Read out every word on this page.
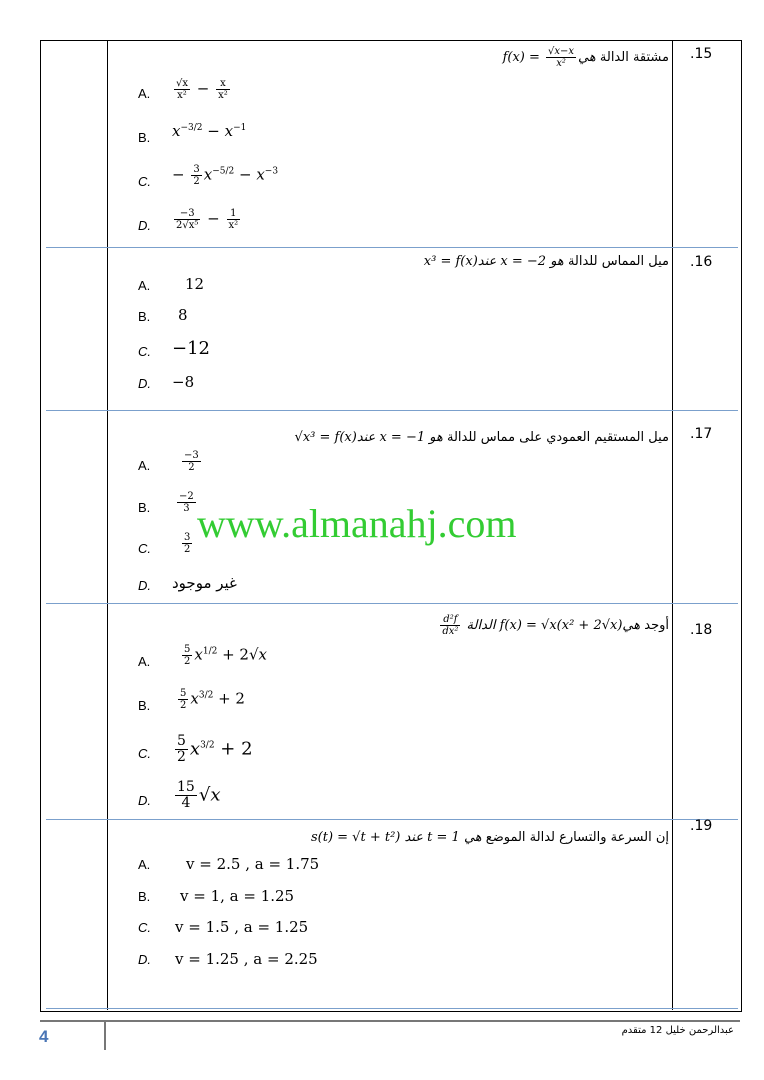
.15
مشتقة الدالة $f(x) = \frac{√x-x}{\text{x²}}$ هي
A. $\frac{√x}{\text{x²}} - \frac{x}{\text{x²}}$
B. $x^{-3/2} - x^{-1}$
C. − $\frac{3}{2} x^{-5/2} - x^{-3}$
D. $\frac{-3}{\text{2√x⁵}} - \frac{1}{\text{x²}}$
.16
ميل المماس للدالة x³ = f(x)عند x = −2 هو
A. 12
B. 8
C. −12
D. −8
.17
ميل المستقيم العمودي على مماس للدالة √x³ = f(x)عند x = −1 هو
A.	$\frac{-3}{2}$
B.	$\frac{-2}{3}$
C.	$\frac{3}{2}$
D. غير موجود
.18
أوجد
$\frac{\text{d²f}}{\text{dx²}}$ الدالة f(x) = √x(x² + 2√x)هي
A.	$\frac{5}{2} x^{1/2} + 2√x$
B.	$\frac{5}{2} x^{3/2} + 2$
C. $\frac{5}{2} x^{3/2} + 2$
D. $\frac{15}{4} √x$
.19
إن السرعة والتسارع لدالة الموضع s(t) = √t + t²) عند t = 1 هي
A. v = 2.5 , a = 1.75
B. v = 1, a = 1.25
C. v = 1.5 , a = 1.25
D. v = 1.25 , a = 2.25
www.almanahj.com
4	عبدالرحمن خليل 12 متقدم
